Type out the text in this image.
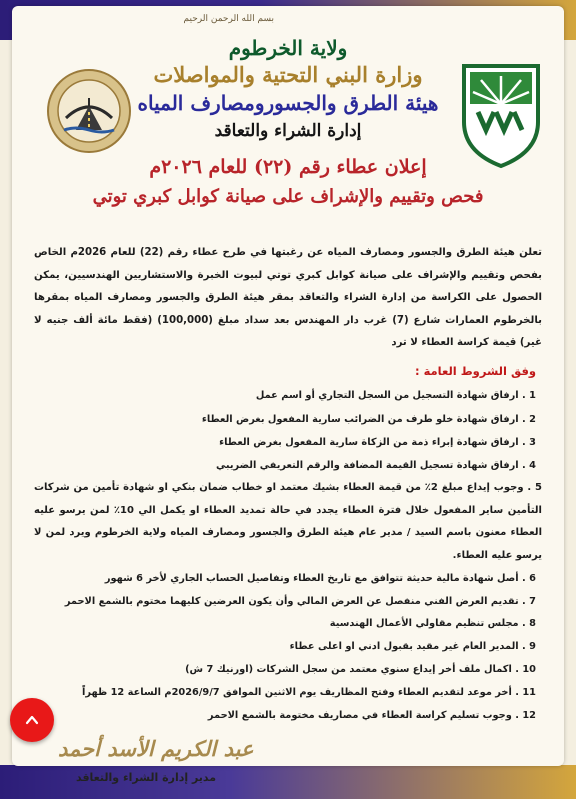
بسم الله الرحمن الرحيم
ولاية الخرطوم
وزارة البني التحتية والمواصلات
هيئة الطرق والجسورومصارف المياه
إدارة الشراء والتعاقد
إعلان عطاء رقم (٢٢) للعام ٢٠٢٦م
فحص وتقييم والإشراف على صيانة كوابل كبري توتي
تعلن هيئة الطرق والجسور ومصارف المياه عن رغبتها في طرح عطاء رقم (22) للعام 2026م الخاص بفحص وتقييم والإشراف على صيانة كوابل كبري توتي لبيوت الخبرة والاستشاريين الهندسيين، يمكن الحصول على الكراسة من إدارة الشراء والتعاقد بمقر هيئة الطرق والجسور ومصارف المياه بمقرها بالخرطوم العمارات شارع (7) غرب دار المهندس بعد سداد مبلغ (100,000) (فقط مائة ألف جنيه لا غير) قيمة كراسة العطاء لا ترد
وفق الشروط العامة :
1 . ارفاق شهادة التسجيل من السجل التجاري أو اسم عمل
2 . ارفاق شهادة خلو طرف من الضرائب سارية المفعول بغرض العطاء
3 . ارفاق شهادة إبراء ذمة من الزكاة سارية المفعول بغرض العطاء
4 . ارفاق شهادة تسجيل القيمة المضافة والرقم التعريفي الضريبي
5 . وجوب إيداع مبلغ 2٪ من قيمة العطاء بشيك معتمد او خطاب ضمان بنكي او شهادة تأمين من شركات التأمين ساير المفعول خلال فترة العطاء يجدد في حالة تمديد العطاء او يكمل الي 10٪ لمن يرسو عليه العطاء معنون باسم السيد / مدير عام هيئة الطرق والجسور ومصارف المياه ولاية الخرطوم ويرد لمن لا يرسو عليه العطاء.
6 . أصل شهادة مالية حديثة تتوافق مع تاريخ العطاء وتفاصيل الحساب الجاري لأخر 6 شهور
7 . تقديم العرض الفني منفصل عن العرض المالي وأن يكون العرضين كليهما مختوم بالشمع الاحمر
8 . مجلس تنظيم مقاولي الأعمال الهندسية
9 . المدير العام غير مقيد بقبول ادني او اعلى عطاء
10 . اكمال ملف أخر إيداع سنوي معتمد من سجل الشركات (اورنيك 7 ش)
11 . أخر موعد لتقديم العطاء وفتح المظاريف يوم الاثنين الموافق 2026/9/7م الساعة 12 ظهراً
12 . وجوب تسليم كراسة العطاء في مصاريف مختومة بالشمع الاحمر
عبد الكريم الأسد أحمد
مدير إدارة الشراء والتعاقد
